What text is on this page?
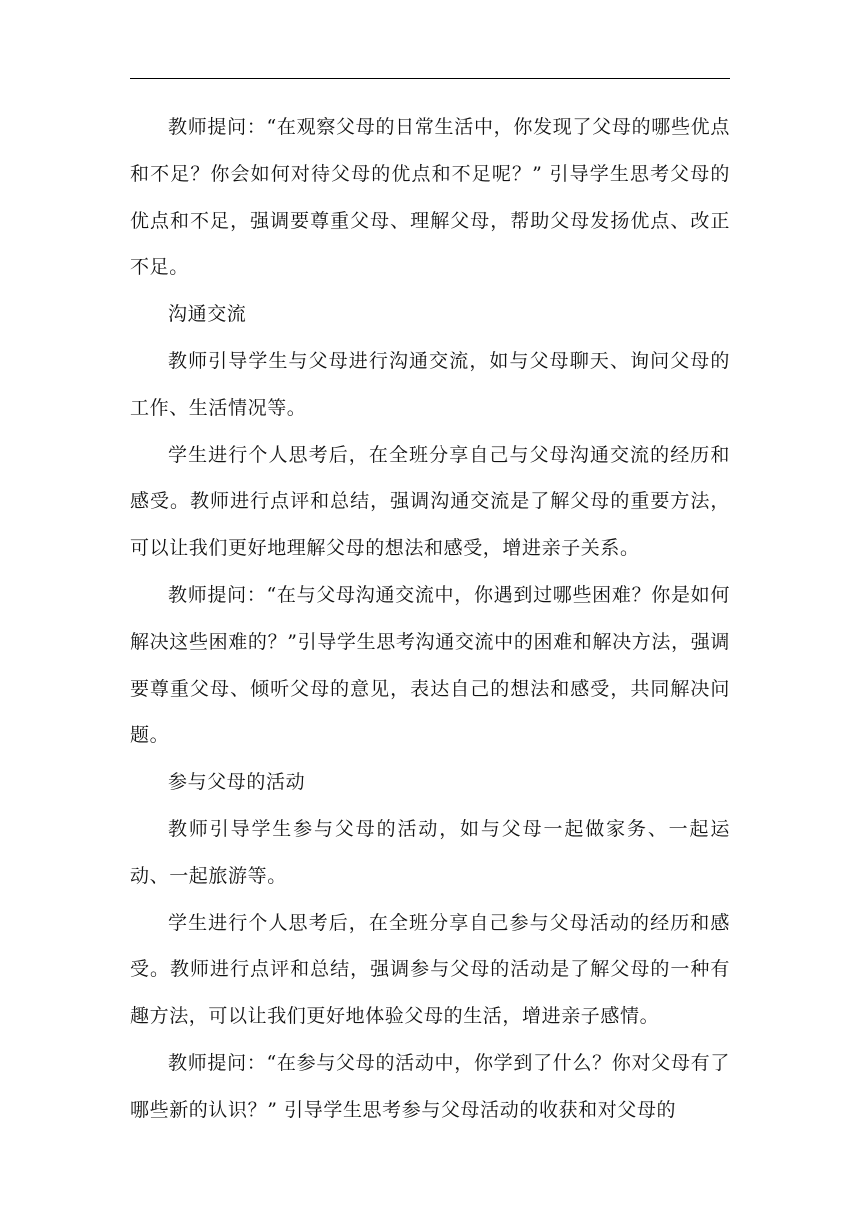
教师提问：“在观察父母的日常生活中，你发现了父母的哪些优点和不足？你会如何对待父母的优点和不足呢？” 引导学生思考父母的优点和不足，强调要尊重父母、理解父母，帮助父母发扬优点、改正不足。

沟通交流

教师引导学生与父母进行沟通交流，如与父母聊天、询问父母的工作、生活情况等。

学生进行个人思考后，在全班分享自己与父母沟通交流的经历和感受。教师进行点评和总结，强调沟通交流是了解父母的重要方法，可以让我们更好地理解父母的想法和感受，增进亲子关系。

教师提问：“在与父母沟通交流中，你遇到过哪些困难？你是如何解决这些困难的？”引导学生思考沟通交流中的困难和解决方法，强调要尊重父母、倾听父母的意见，表达自己的想法和感受，共同解决问题。

参与父母的活动

教师引导学生参与父母的活动，如与父母一起做家务、一起运动、一起旅游等。

学生进行个人思考后，在全班分享自己参与父母活动的经历和感受。教师进行点评和总结，强调参与父母的活动是了解父母的一种有趣方法，可以让我们更好地体验父母的生活，增进亲子感情。

教师提问：“在参与父母的活动中，你学到了什么？你对父母有了哪些新的认识？” 引导学生思考参与父母活动的收获和对父母的
